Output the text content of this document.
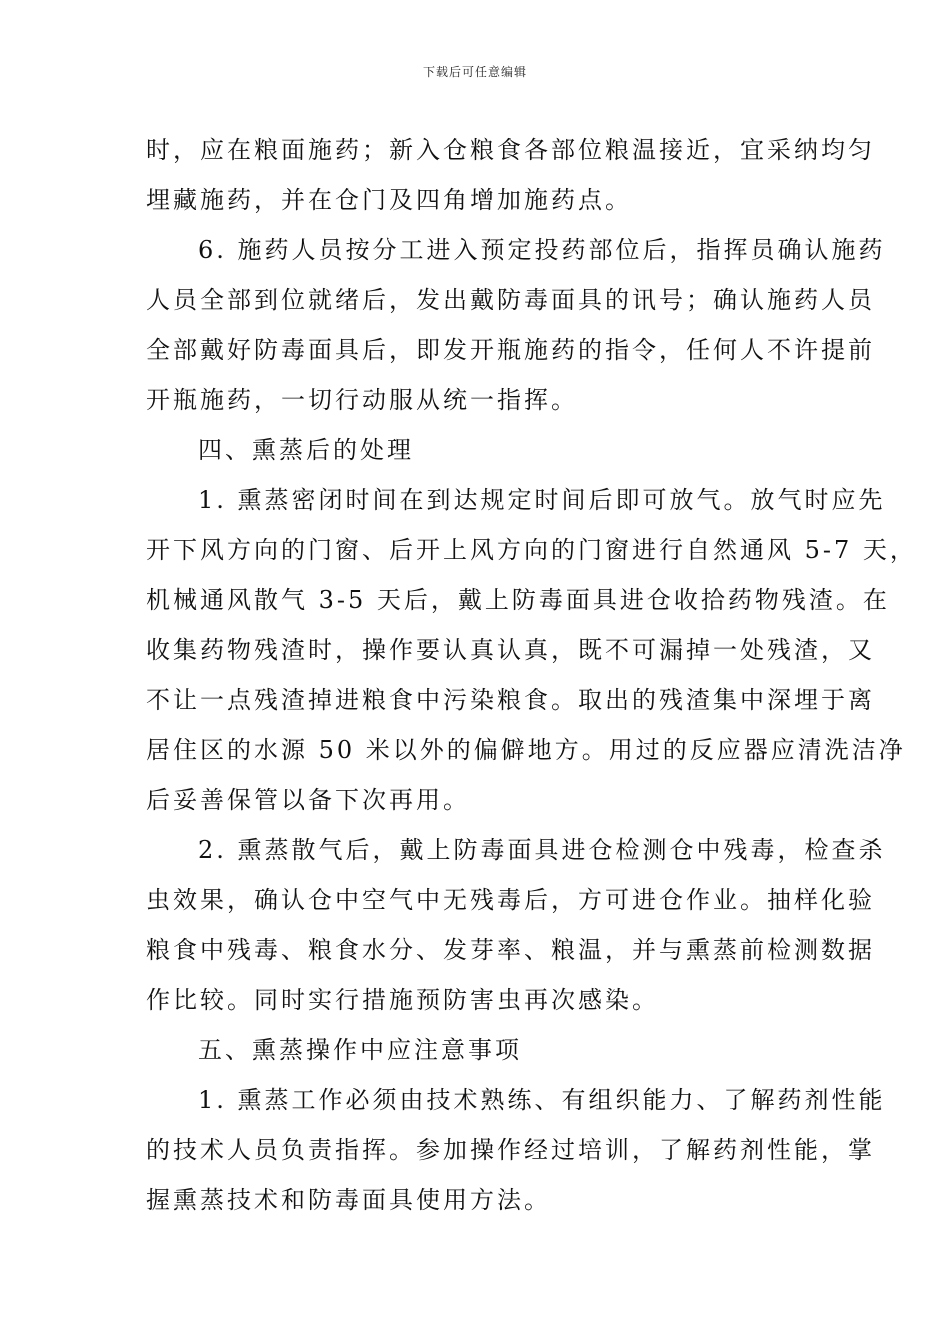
下载后可任意编辑
时，应在粮面施药；新入仓粮食各部位粮温接近，宜采纳均匀
埋藏施药，并在仓门及四角增加施药点。
6. 施药人员按分工进入预定投药部位后，指挥员确认施药
人员全部到位就绪后，发出戴防毒面具的讯号；确认施药人员
全部戴好防毒面具后，即发开瓶施药的指令，任何人不许提前
开瓶施药，一切行动服从统一指挥。
四、熏蒸后的处理
1. 熏蒸密闭时间在到达规定时间后即可放气。放气时应先
开下风方向的门窗、后开上风方向的门窗进行自然通风 5-7 天，
机械通风散气 3-5 天后，戴上防毒面具进仓收拾药物残渣。在
收集药物残渣时，操作要认真认真，既不可漏掉一处残渣，又
不让一点残渣掉进粮食中污染粮食。取出的残渣集中深埋于离
居住区的水源 50 米以外的偏僻地方。用过的反应器应清洗洁净
后妥善保管以备下次再用。
2. 熏蒸散气后，戴上防毒面具进仓检测仓中残毒，检查杀
虫效果，确认仓中空气中无残毒后，方可进仓作业。抽样化验
粮食中残毒、粮食水分、发芽率、粮温，并与熏蒸前检测数据
作比较。同时实行措施预防害虫再次感染。
五、熏蒸操作中应注意事项
1. 熏蒸工作必须由技术熟练、有组织能力、了解药剂性能
的技术人员负责指挥。参加操作经过培训，了解药剂性能，掌
握熏蒸技术和防毒面具使用方法。
